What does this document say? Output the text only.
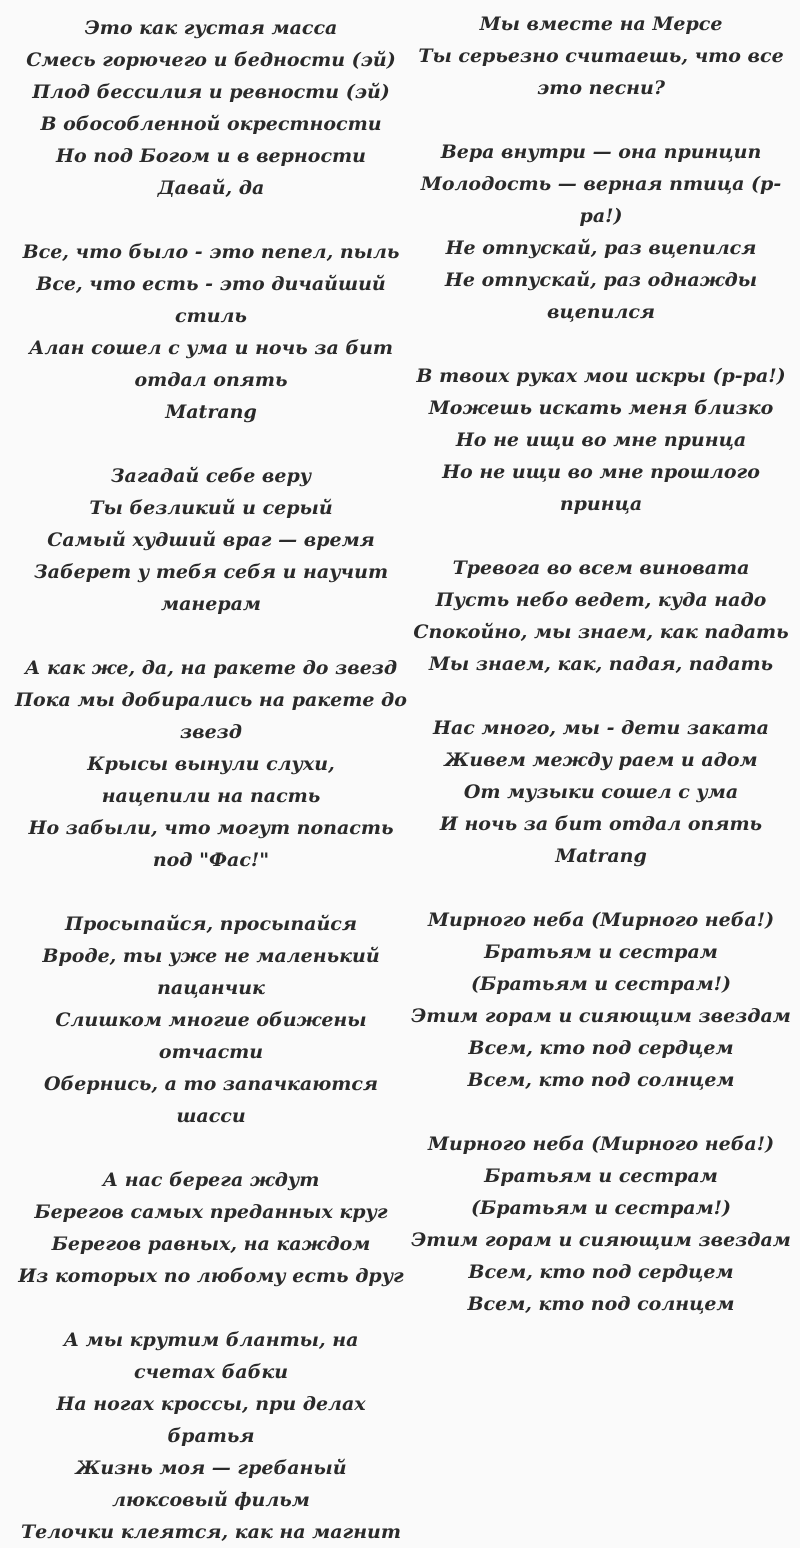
Это как густая масса
Смесь горючего и бедности (эй)
Плод бессилия и ревности (эй)
В обособленной окрестности
Но под Богом и в верности
Давай, да
Все, что было - это пепел, пыль
Все, что есть - это дичайший стиль
Алан сошел с ума и ночь за бит отдал опять
Matrang
Загадай себе веру
Ты безликий и серый
Самый худший враг — время
Заберет у тебя себя и научит манерам
А как же, да, на ракете до звезд
Пока мы добирались на ракете до звезд
Крысы вынули слухи, нацепили на пасть
Но забыли, что могут попасть под "Фас!"
Просыпайся, просыпайся
Вроде, ты уже не маленький пацанчик
Слишком многие обижены отчасти
Обернись, а то запачкаются шасси
А нас берега ждут
Берегов самых преданных круг
Берегов равных, на каждом
Из которых по любому есть друг
А мы крутим бланты, на счетах бабки
На ногах кроссы, при делах братья
Жизнь моя — гребаный люксовый фильм
Телочки клеятся, как на магнит
Мы вместе на Мерсе
Ты серьезно считаешь, что все это песни?
Вера внутри — она принцип
Молодость — верная птица (р-ра!)
Не отпускай, раз вцепился
Не отпускай, раз однажды вцепился
В твоих руках мои искры (р-ра!)
Можешь искать меня близко
Но не ищи во мне принца
Но не ищи во мне прошлого принца
Тревога во всем виновата
Пусть небо ведет, куда надо
Спокойно, мы знаем, как падать
Мы знаем, как, падая, падать
Нас много, мы - дети заката
Живем между раем и адом
От музыки сошел с ума
И ночь за бит отдал опять Matrang
Мирного неба (Мирного неба!)
Братьям и сестрам (Братьям и сестрам!)
Этим горам и сияющим звездам
Всем, кто под сердцем
Всем, кто под солнцем
Мирного неба (Мирного неба!)
Братьям и сестрам (Братьям и сестрам!)
Этим горам и сияющим звездам
Всем, кто под сердцем
Всем, кто под солнцем
